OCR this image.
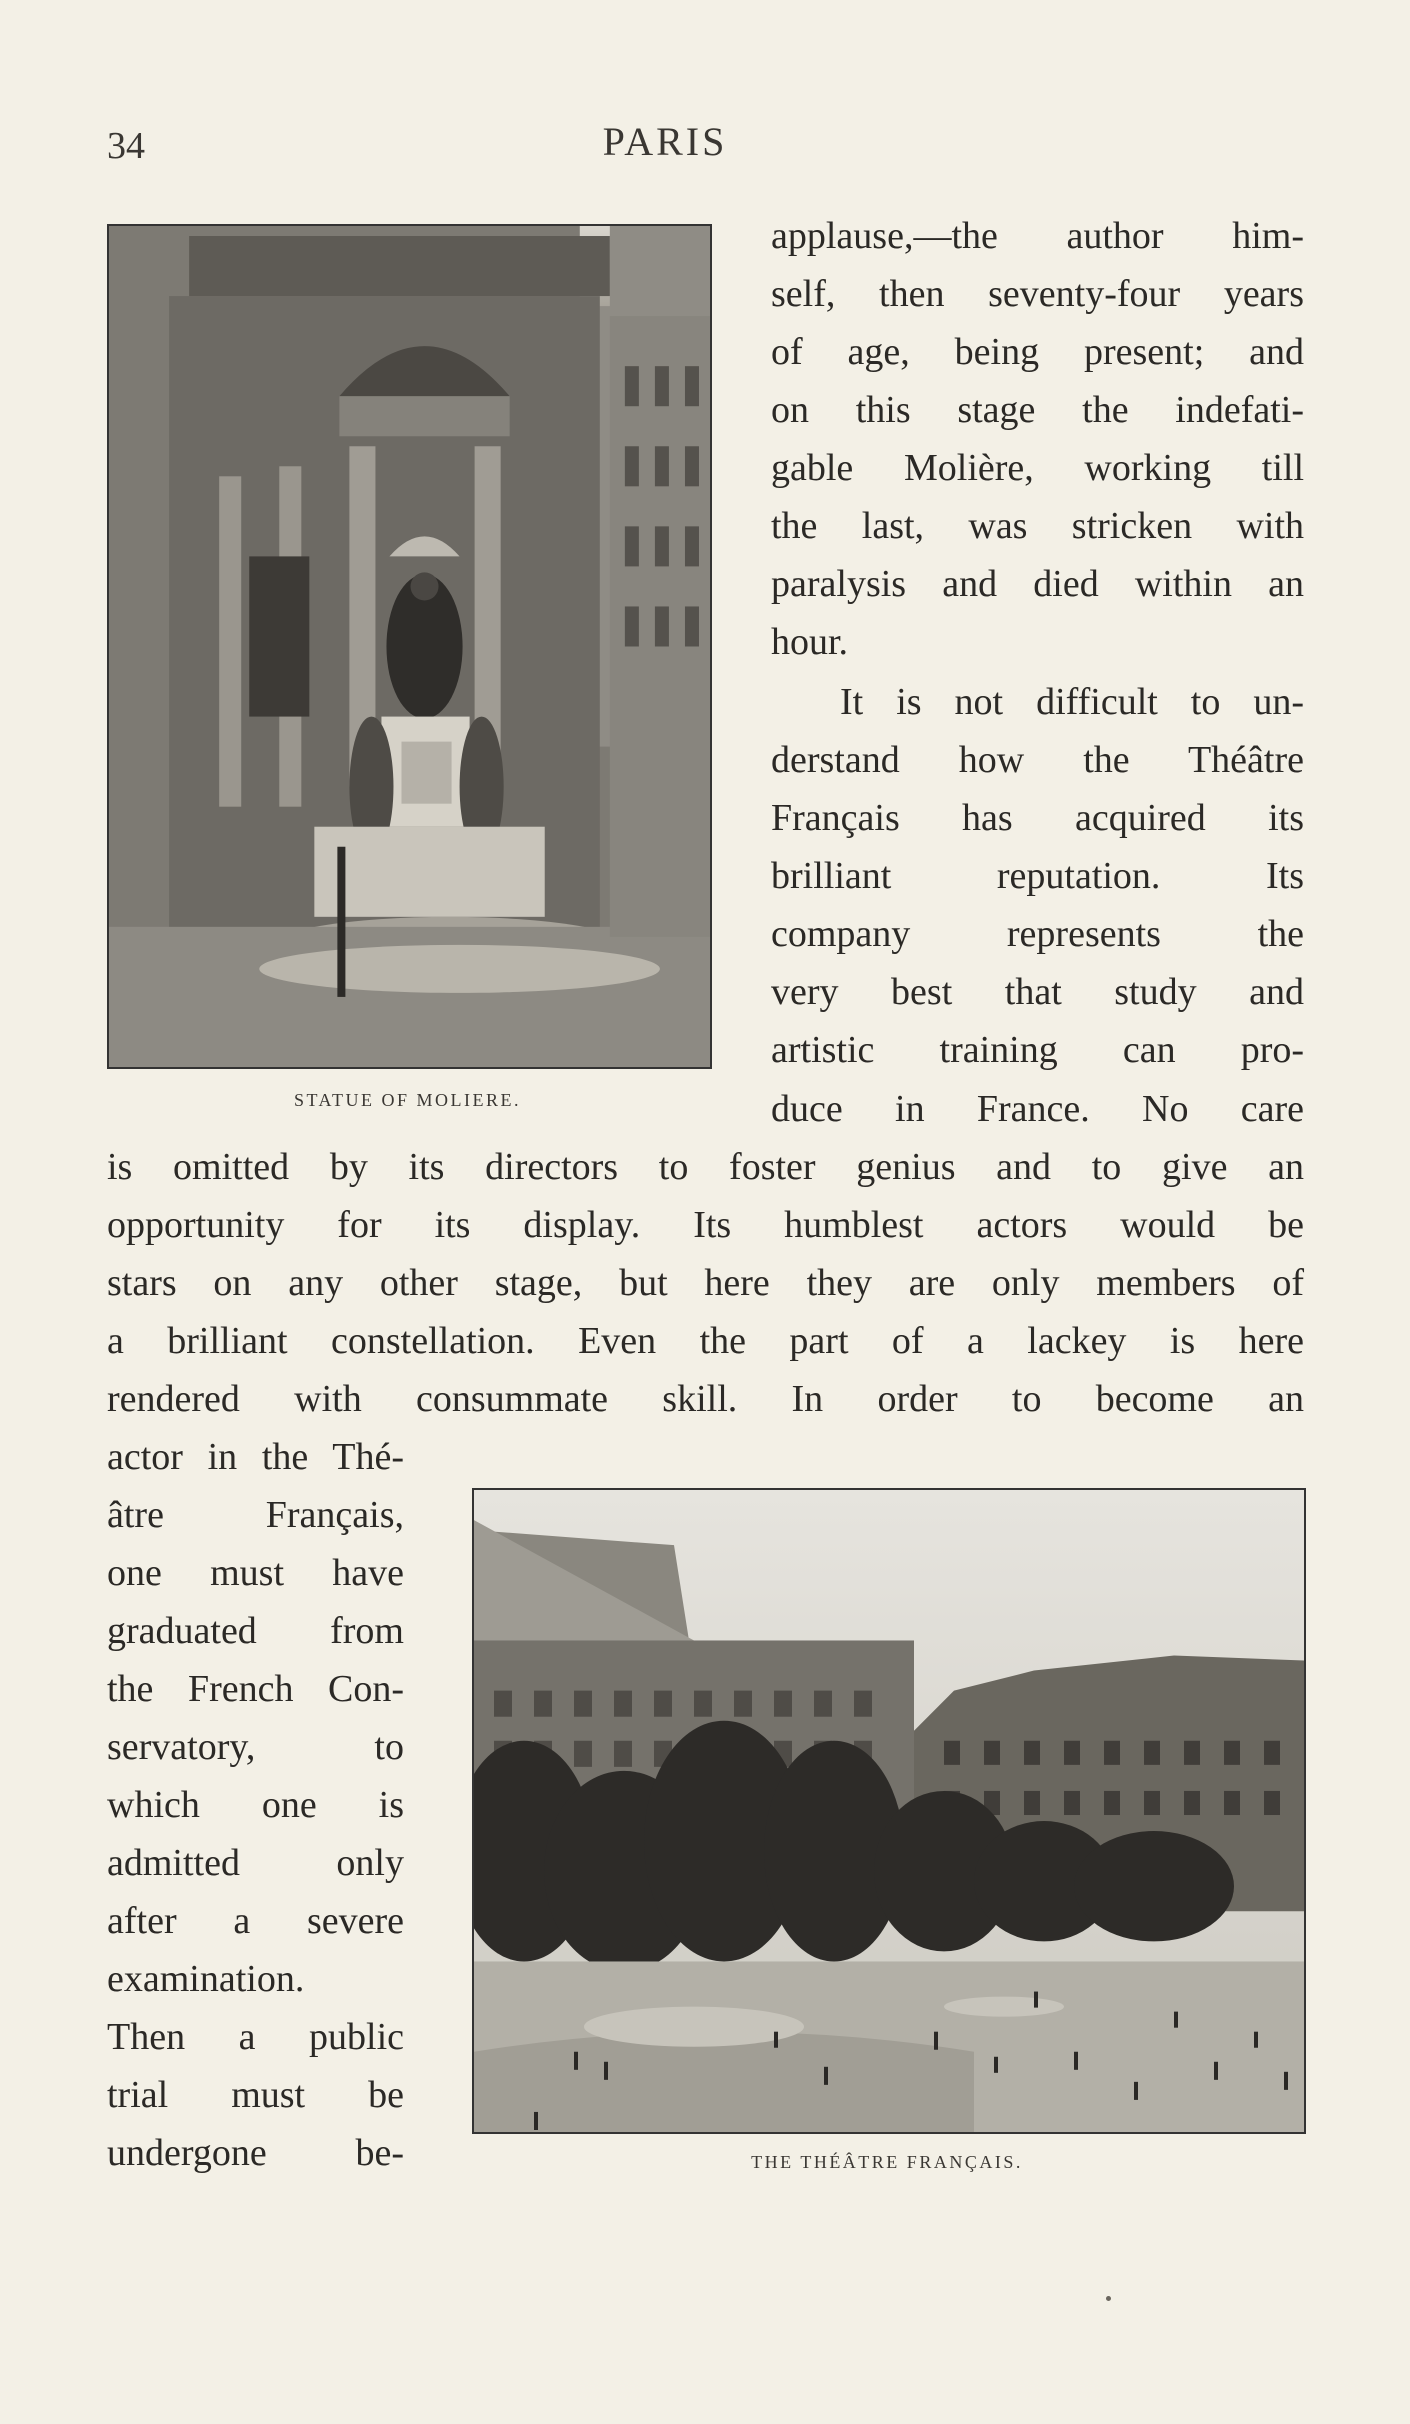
34	PARIS
STATUE OF MOLIERE.

applause,—the author him-

self, then seventy-four years

of age, being present; and

on this stage the indefati-

gable Molière, working till

the last, was stricken with

paralysis and died within an

hour.

It is not difficult to un-

derstand how the Théâtre

Français has acquired its

brilliant reputation. Its

company represents the

very best that study and

artistic training can pro-

duce in France. No care

is omitted by its directors to foster genius and to give an

opportunity for its display. Its humblest actors would be

stars on any other stage, but here they are only members of

a brilliant constellation. Even the part of a lackey is here

rendered with consummate skill. In order to become an

actor in the Thé-

âtre Français,

one must have

graduated from

the French Con-

servatory, to

which one is

admitted only

after a severe

examination.

Then a public

trial must be

undergone be-	THE THÉÂTRE FRANÇAIS.
